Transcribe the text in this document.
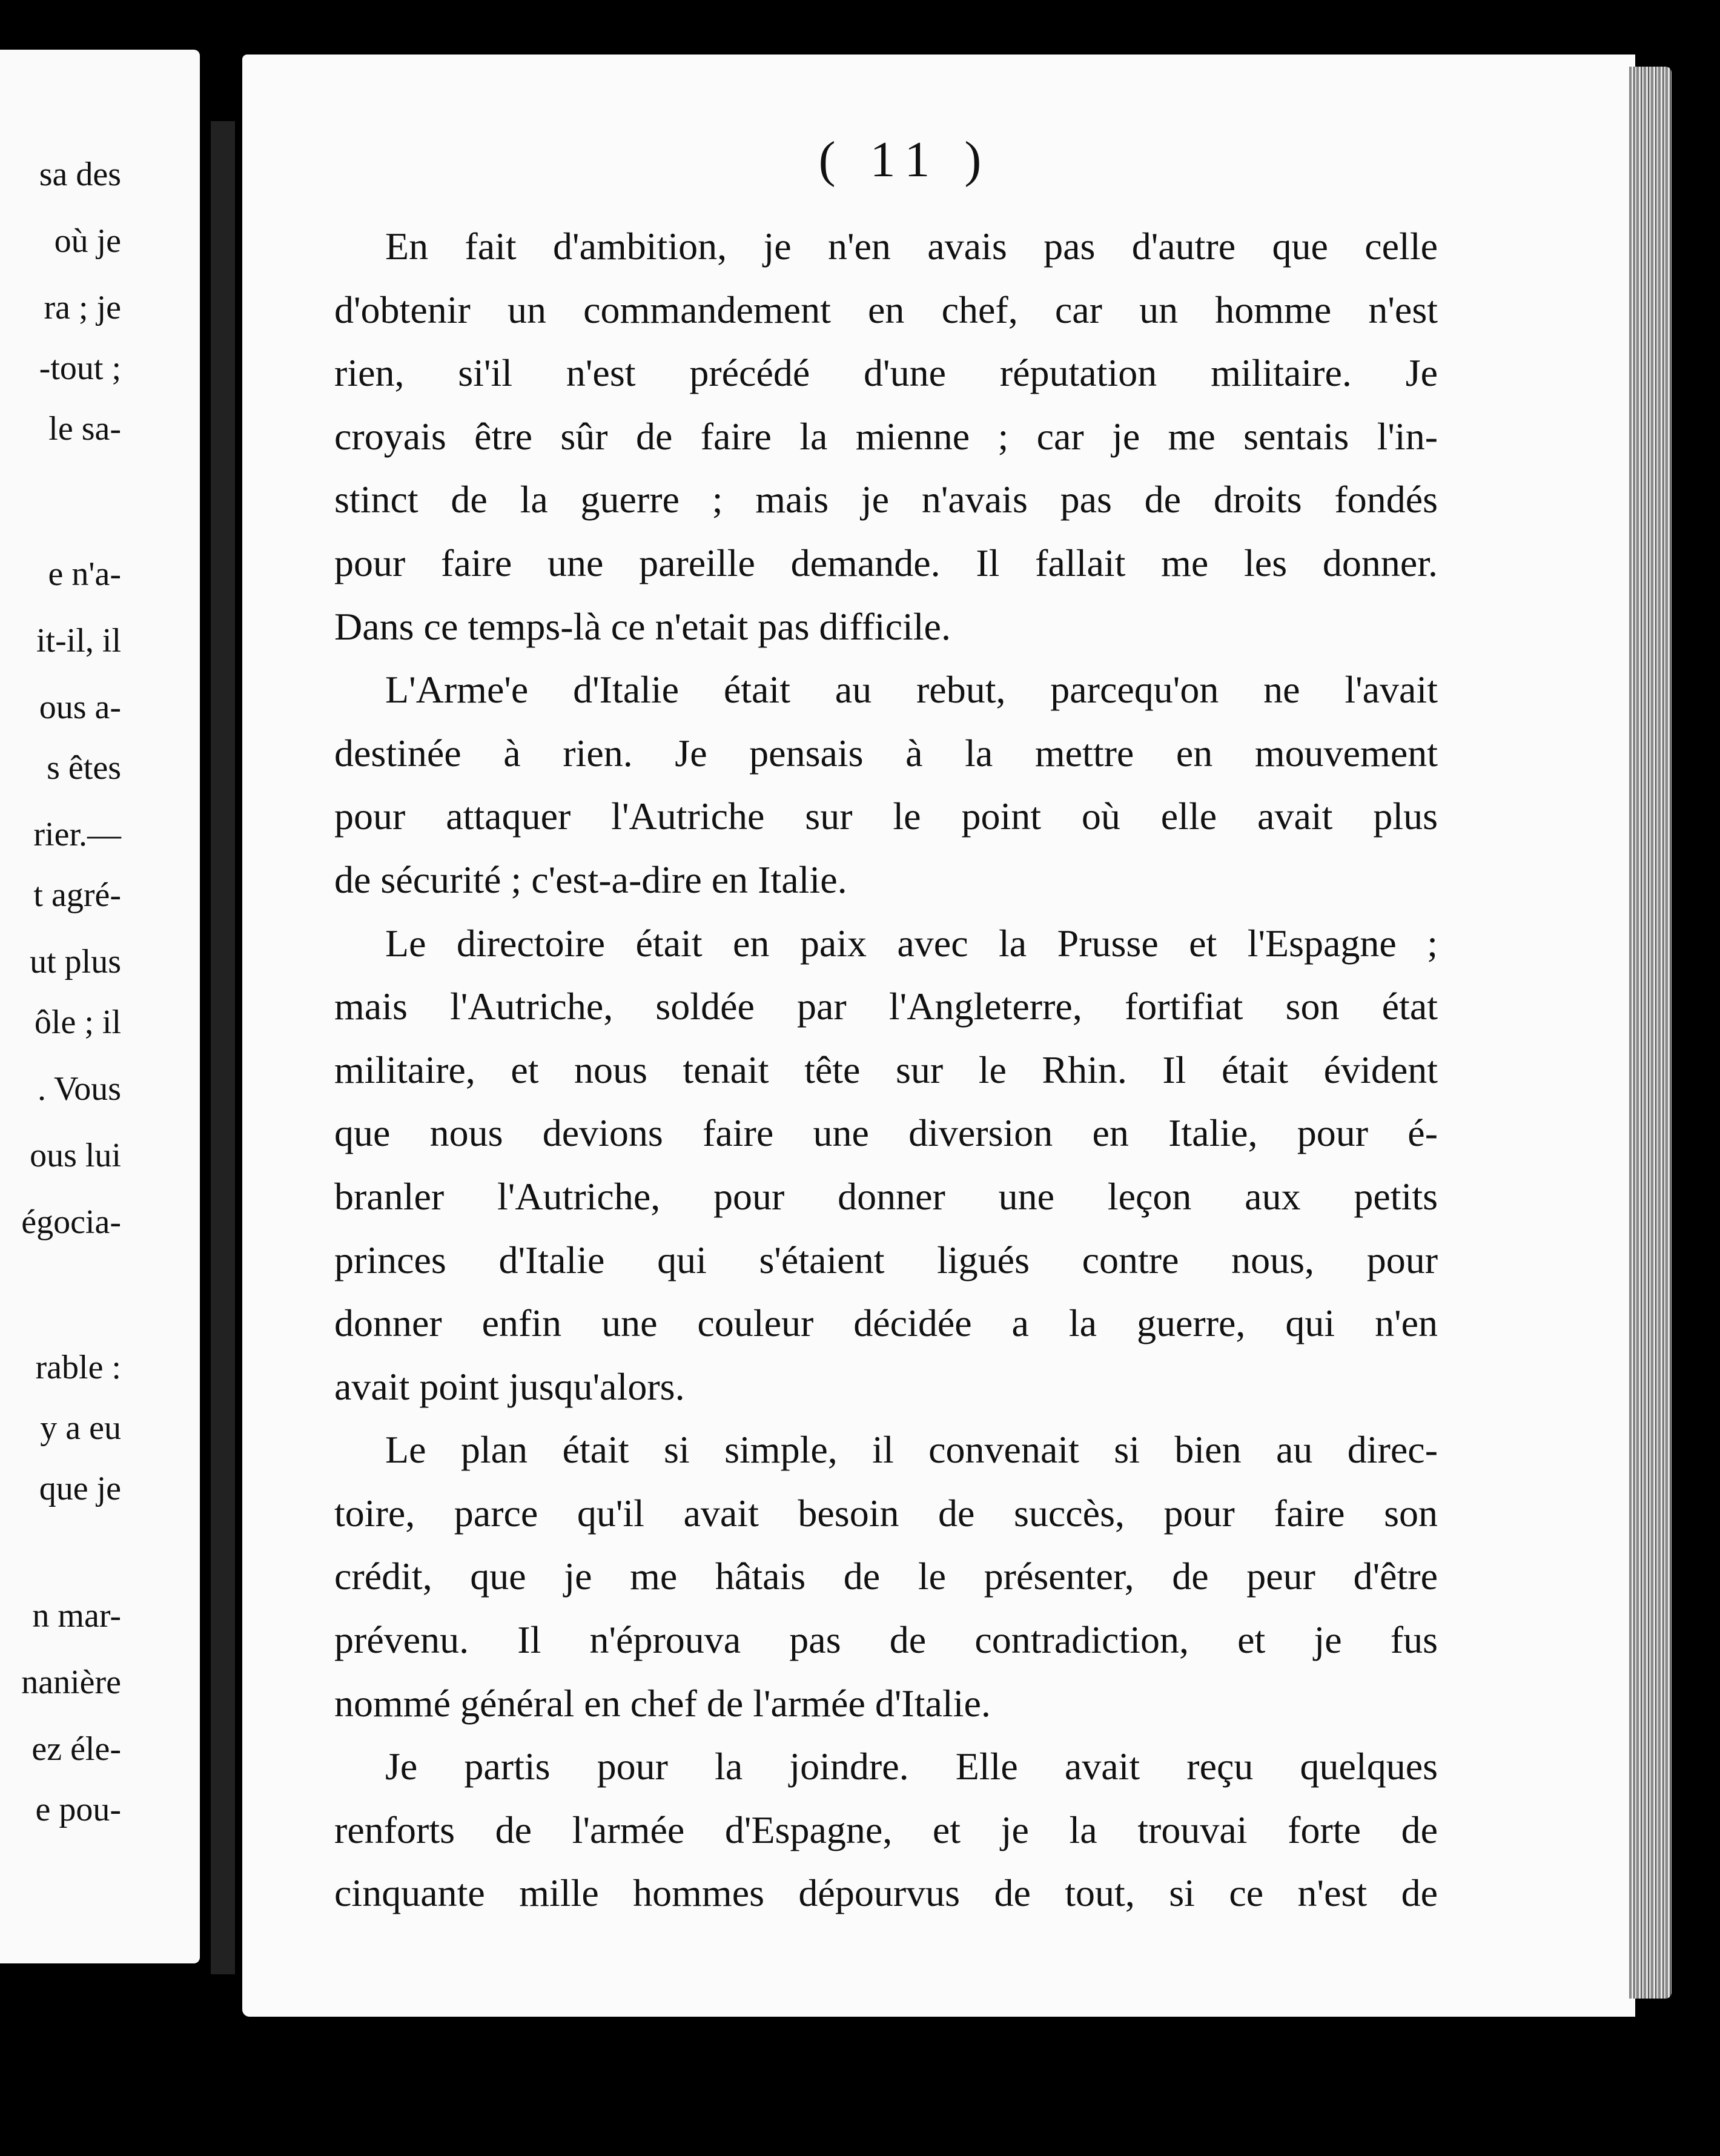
sa des
où je
ra ; je
-tout ;
le sa-
e n'a-
it-il, il
ous a-
s êtes
rier.—
t agré-
ut plus
ôle ; il
. Vous
ous lui
égocia-
rable :
y a eu
que je
n mar-
nanière
ez éle-
e pou-
( 11 )
En fait d'ambition, je n'en avais pas d'autre que celle
d'obtenir un commandement en chef, car un homme n'est
rien, si'il n'est précédé d'une réputation militaire. Je
croyais être sûr de faire la mienne ; car je me sentais l'in-
stinct de la guerre ; mais je n'avais pas de droits fondés
pour faire une pareille demande. Il fallait me les donner.
Dans ce temps-là ce n'etait pas difficile.
L'Arme'e d'Italie était au rebut, parcequ'on ne l'avait
destinée à rien. Je pensais à la mettre en mouvement
pour attaquer l'Autriche sur le point où elle avait plus
de sécurité ; c'est-a-dire en Italie.
Le directoire était en paix avec la Prusse et l'Espagne ;
mais l'Autriche, soldée par l'Angleterre, fortifiat son état
militaire, et nous tenait tête sur le Rhin. Il était évident
que nous devions faire une diversion en Italie, pour é-
branler l'Autriche, pour donner une leçon aux petits
princes d'Italie qui s'étaient ligués contre nous, pour
donner enfin une couleur décidée a la guerre, qui n'en
avait point jusqu'alors.
Le plan était si simple, il convenait si bien au direc-
toire, parce qu'il avait besoin de succès, pour faire son
crédit, que je me hâtais de le présenter, de peur d'être
prévenu. Il n'éprouva pas de contradiction, et je fus
nommé général en chef de l'armée d'Italie.
Je partis pour la joindre. Elle avait reçu quelques
renforts de l'armée d'Espagne, et je la trouvai forte de
cinquante mille hommes dépourvus de tout, si ce n'est de
